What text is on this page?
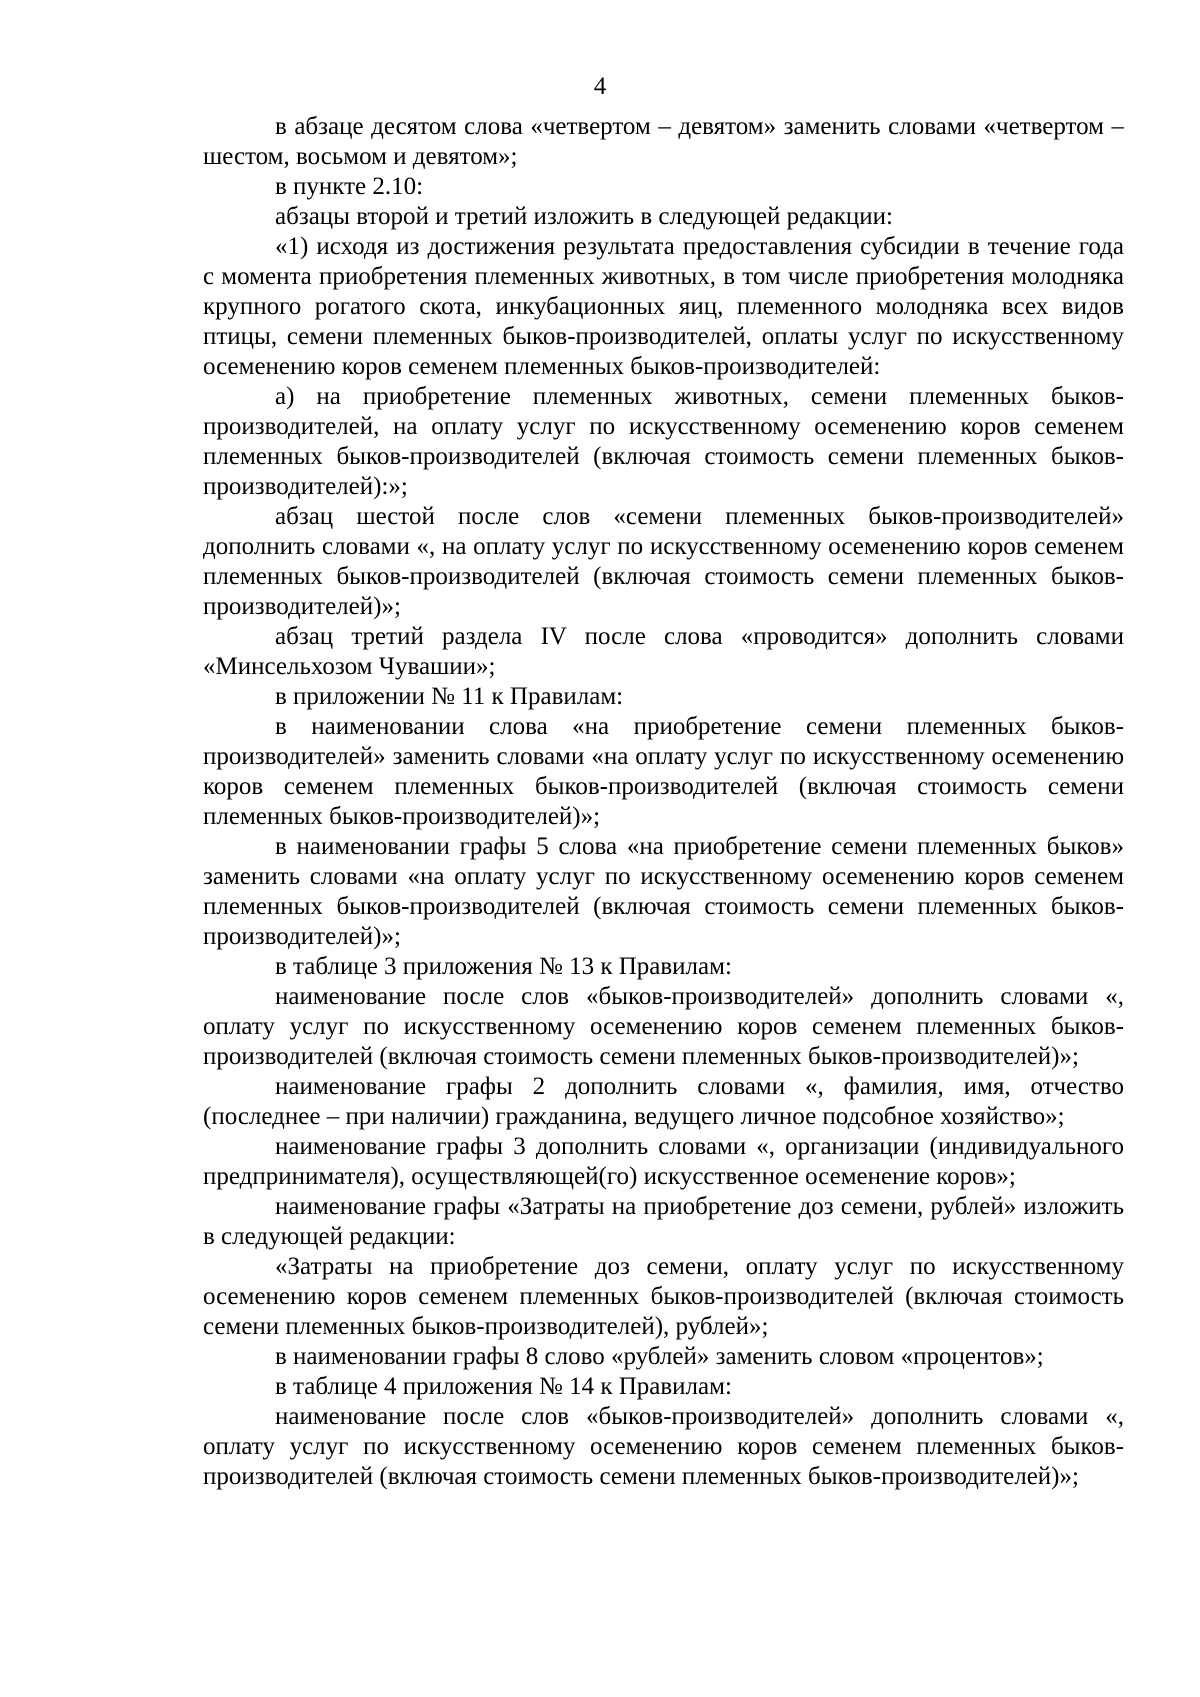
4

в абзаце десятом слова «четвертом – девятом» заменить словами «четвертом – шестом, восьмом и девятом»;

в пункте 2.10:

абзацы второй и третий изложить в следующей редакции:

«1) исходя из достижения результата предоставления субсидии в течение года с момента приобретения племенных животных, в том числе приобретения молодняка крупного рогатого скота, инкубационных яиц, племенного молодняка всех видов птицы, семени племенных быков-производителей, оплаты услуг по искусственному осеменению коров семенем племенных быков-производителей:

а) на приобретение племенных животных, семени племенных быков-производителей, на оплату услуг по искусственному осеменению коров семенем племенных быков-производителей (включая стоимость семени племенных быков-производителей):»;

абзац шестой после слов «семени племенных быков-производителей» дополнить словами «, на оплату услуг по искусственному осеменению коров семенем племенных быков-производителей (включая стоимость семени племенных быков-производителей)»;

абзац третий раздела IV после слова «проводится» дополнить словами «Минсельхозом Чувашии»;

в приложении № 11 к Правилам:

в наименовании слова «на приобретение семени племенных быков-производителей» заменить словами «на оплату услуг по искусственному осеменению коров семенем племенных быков-производителей (включая стоимость семени племенных быков-производителей)»;

в наименовании графы 5 слова «на приобретение семени племенных быков» заменить словами «на оплату услуг по искусственному осеменению коров семенем племенных быков-производителей (включая стоимость семени племенных быков-производителей)»;

в таблице 3 приложения № 13 к Правилам:

наименование после слов «быков-производителей» дополнить словами «, оплату услуг по искусственному осеменению коров семенем племенных быков-производителей (включая стоимость семени племенных быков-производителей)»;

наименование графы 2 дополнить словами «, фамилия, имя, отчество (последнее – при наличии) гражданина, ведущего личное подсобное хозяйство»;

наименование графы 3 дополнить словами «, организации (индивидуального предпринимателя), осуществляющей(го) искусственное осеменение коров»;

наименование графы «Затраты на приобретение доз семени, рублей» изложить в следующей редакции:

«Затраты на приобретение доз семени, оплату услуг по искусственному осеменению коров семенем племенных быков-производителей (включая стоимость семени племенных быков-производителей), рублей»;

в наименовании графы 8 слово «рублей» заменить словом «процентов»;

в таблице 4 приложения № 14 к Правилам:

наименование после слов «быков-производителей» дополнить словами «, оплату услуг по искусственному осеменению коров семенем племенных быков-производителей (включая стоимость семени племенных быков-производителей)»;
